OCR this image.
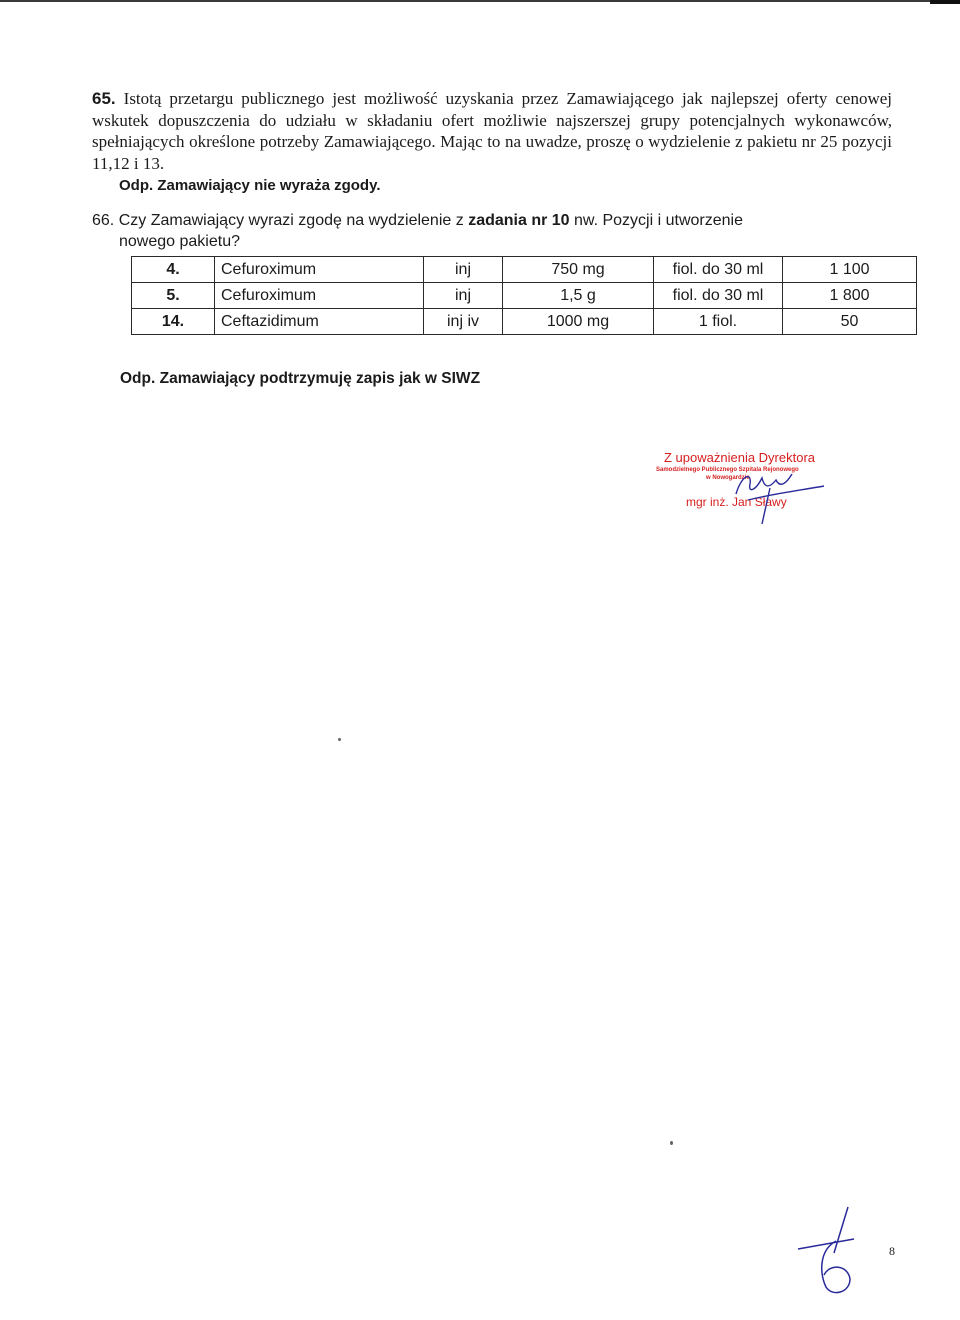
65. Istotą przetargu publicznego jest możliwość uzyskania przez Zamawiającego jak najlepszej oferty cenowej wskutek dopuszczenia do udziału w składaniu ofert możliwie najszerszej grupy potencjalnych wykonawców, spełniających określone potrzeby Zamawiającego. Mając to na uwadze, proszę o wydzielenie z pakietu nr 25 pozycji 11,12 i 13.
Odp. Zamawiający nie wyraża zgody.
66. Czy Zamawiający wyrazi zgodę na wydzielenie z zadania nr 10 nw. Pozycji i utworzenie
nowego pakietu?
4.	Cefuroximum	inj	750 mg	fiol. do 30 ml	1 100
5.	Cefuroximum	inj	1,5 g	fiol. do 30 ml	1 800
14.	Ceftazidimum	inj iv	1000 mg	1 fiol.	50
Odp. Zamawiający podtrzymuję zapis jak w SIWZ
Z upoważnienia Dyrektora
Samodzielnego Publicznego Szpitala Rejonowego
w Nowogardzie
mgr inż. Jan Sławy
8
